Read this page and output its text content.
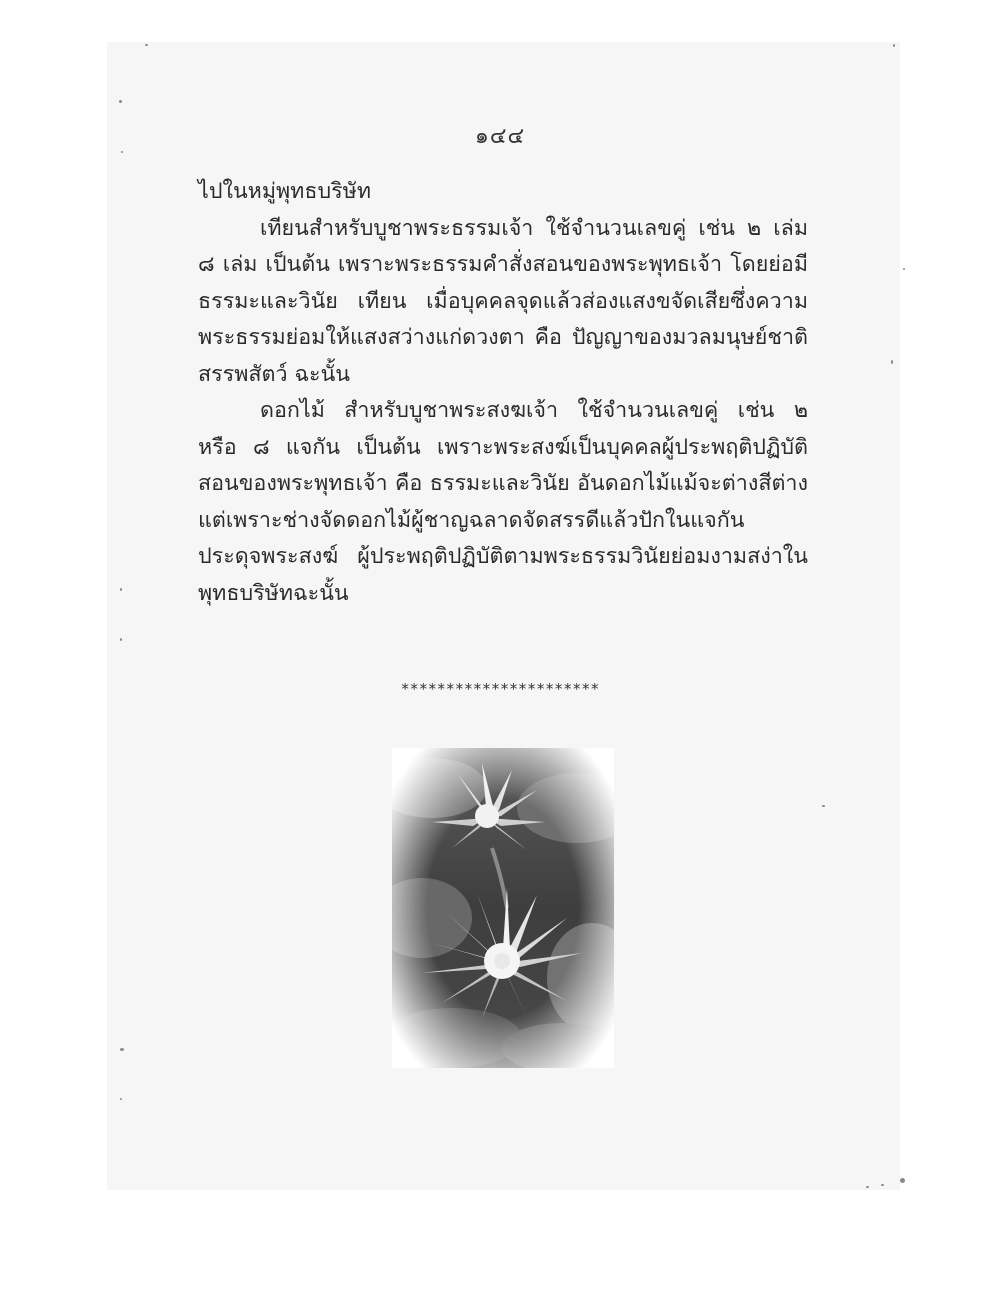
๑๔๔
ไปในหมู่พุทธบริษัท
เทียนสำหรับบูชาพระธรรมเจ้า ใช้จำนวนเลขคู่ เช่น ๒ เล่ม
๘ เล่ม เป็นต้น เพราะพระธรรมคำสั่งสอนของพระพุทธเจ้า โดยย่อมี
ธรรมะและวินัย เทียน เมื่อบุคคลจุดแล้วส่องแสงขจัดเสียซึ่งความ
พระธรรมย่อมให้แสงสว่างแก่ดวงตา คือ ปัญญาของมวลมนุษย์ชาติ
สรรพสัตว์ ฉะนั้น
ดอกไม้ สำหรับบูชาพระสงฆเจ้า ใช้จำนวนเลขคู่ เช่น ๒
หรือ ๘ แจกัน เป็นต้น เพราะพระสงฆ์เป็นบุคคลผู้ประพฤติปฏิบัติ
สอนของพระพุทธเจ้า คือ ธรรมะและวินัย อันดอกไม้แม้จะต่างสีต่าง
แต่เพราะช่างจัดดอกไม้ผู้ชาญฉลาดจัดสรรดีแล้วปักในแจกัน
ประดุจพระสงฆ์ ผู้ประพฤติปฏิบัติตามพระธรรมวินัยย่อมงามสง่าใน
พุทธบริษัทฉะนั้น
**********************
